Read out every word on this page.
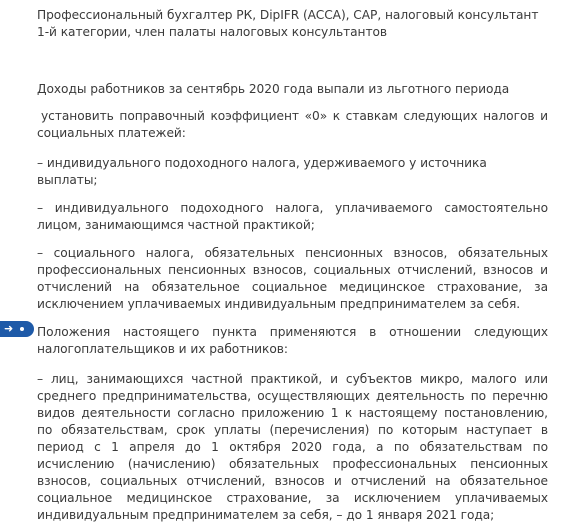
➜

Профессиональный бухгалтер РК, DipIFR (ACCA), CAP, налоговый консультант 1-й категории, член палаты налоговых консультантов

Доходы работников за сентябрь 2020 года выпали из льготного периода

установить поправочный коэффициент «0» к ставкам следующих налогов и социальных платежей:

– индивидуального подоходного налога, удерживаемого у источника выплаты;

– индивидуального подоходного налога, уплачиваемого самостоятельно лицом, занимающимся частной практикой;

– социального налога, обязательных пенсионных взносов, обязательных профессиональных пенсионных взносов, социальных отчислений, взносов и отчислений на обязательное социальное медицинское страхование, за исключением уплачиваемых индивидуальным предпринимателем за себя.

Положения настоящего пункта применяются в отношении следующих налогоплательщиков и их работников:

– лиц, занимающихся частной практикой, и субъектов микро, малого или среднего предпринимательства, осуществляющих деятельность по перечню видов деятельности согласно приложению 1 к настоящему постановлению, по обязательствам, срок уплаты (перечисления) по которым наступает в период с 1 апреля до 1 октября 2020 года, а по обязательствам по исчислению (начислению) обязательных профессиональных пенсионных взносов, социальных отчислений, взносов и отчислений на обязательное социальное медицинское страхование, за исключением уплачиваемых индивидуальным предпринимателем за себя, – до 1 января 2021 года;
